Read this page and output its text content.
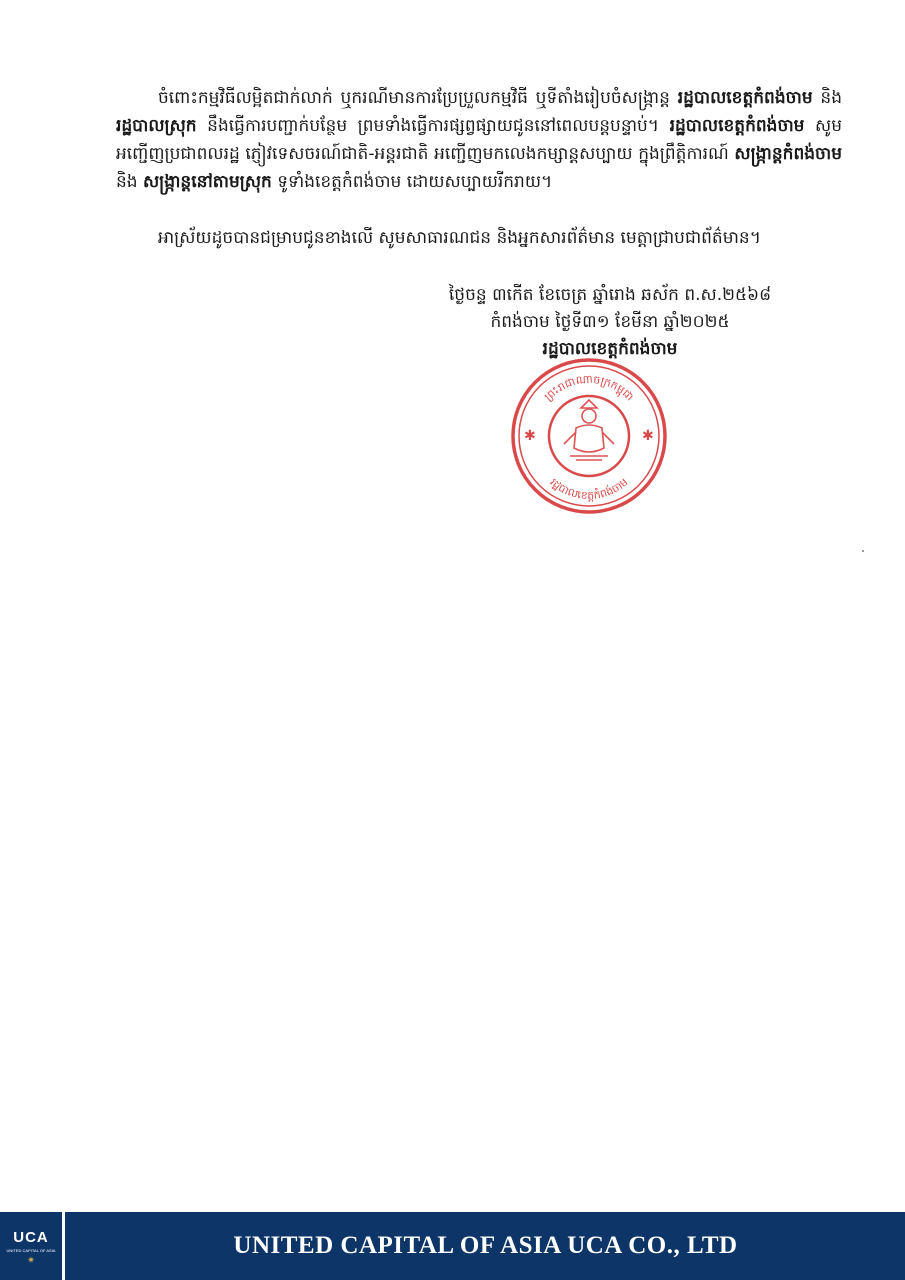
ចំពោះកម្មវិធីលម្អិតជាក់លាក់ ឬករណីមានការប្រែប្រួលកម្មវិធី ឬទីតាំងរៀបចំសង្ក្រាន្ត រដ្ឋបាលខេត្តកំពង់ចាម និង រដ្ឋបាលស្រុក នឹងធ្វើការបញ្ជាក់បន្ថែម ព្រមទាំងធ្វើការផ្សព្វផ្សាយជូននៅពេលបន្តបន្ទាប់។ រដ្ឋបាលខេត្តកំពង់ចាម សូមអញ្ជើញប្រជាពលរដ្ឋ ភ្ញៀវទេសចរណ៍ជាតិ-អន្តរជាតិ អញ្ជើញមកលេងកម្សាន្តសប្បាយ ក្នុងព្រឹត្តិការណ៍ សង្ក្រាន្តកំពង់ចាម និង សង្ក្រាន្តនៅតាមស្រុក ទូទាំងខេត្តកំពង់ចាម ដោយសប្បាយរីករាយ។
អាស្រ័យដូចបានជម្រាបជូនខាងលើ សូមសាធារណជន និងអ្នកសារព័ត៌មាន មេត្តាជ្រាបជាព័ត៌មាន។
ថ្ងៃចន្ទ ៣កើត ខែចេត្រ ឆ្នាំរោង ឆស័ក ព.ស.២៥៦៨
កំពង់ចាម ថ្ងៃទី៣១ ខែមីនា ឆ្នាំ២០២៥
រដ្ឋបាលខេត្តកំពង់ចាម
✱	✱
ព្រះរាជាណាចក្រកម្ពុជា
រដ្ឋបាលខេត្តកំពង់ចាម
UCA
UNITED CAPITAL OF ASIA
✷
UNITED CAPITAL OF ASIA UCA CO., LTD
